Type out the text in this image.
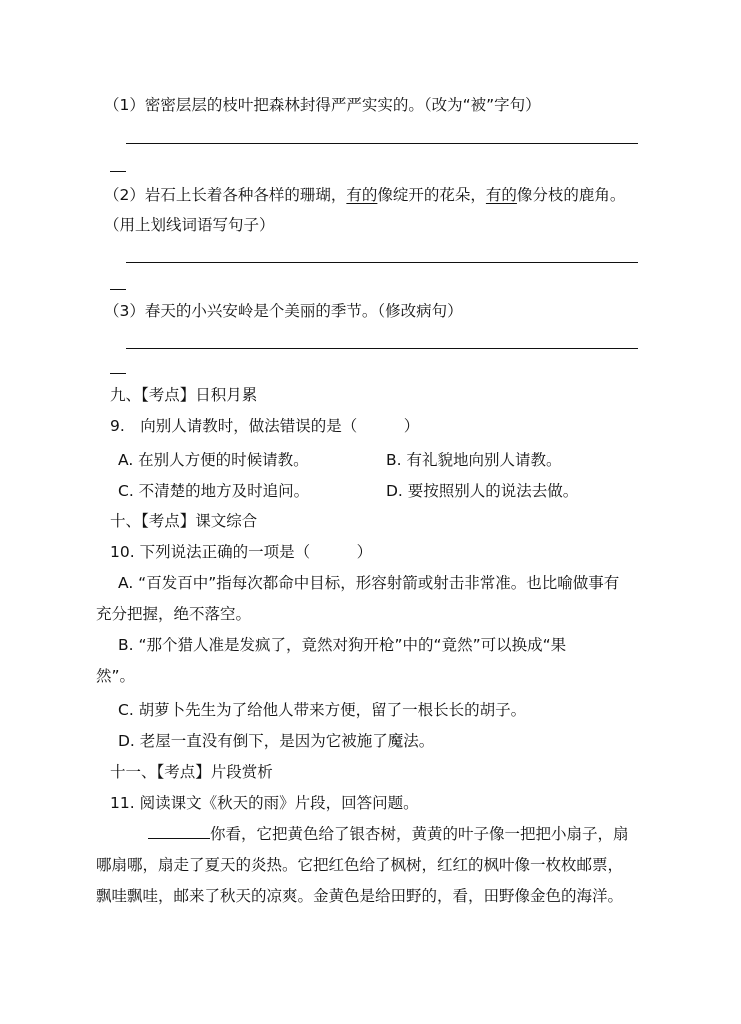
（1）密密层层的枝叶把森林封得严严实实的。（改为“被”字句）
（2）岩石上长着各种各样的珊瑚，有的像绽开的花朵，有的像分枝的鹿角。
（用上划线词语写句子）
（3）春天的小兴安岭是个美丽的季节。（修改病句）
九、【考点】日积月累
9.　向别人请教时，做法错误的是（　　　）
A. 在别人方便的时候请教。	B. 有礼貌地向别人请教。
C. 不清楚的地方及时追问。	D. 要按照别人的说法去做。
十、【考点】课文综合
10. 下列说法正确的一项是（　　　）
A. “百发百中”指每次都命中目标，形容射箭或射击非常准。也比喻做事有
充分把握，绝不落空。
B. “那个猎人准是发疯了，竟然对狗开枪”中的“竟然”可以换成“果
然”。
C. 胡萝卜先生为了给他人带来方便，留了一根长长的胡子。
D. 老屋一直没有倒下，是因为它被施了魔法。
十一、【考点】片段赏析
11. 阅读课文《秋天的雨》片段，回答问题。
你看，它把黄色给了银杏树，黄黄的叶子像一把把小扇子，扇
哪扇哪，扇走了夏天的炎热。它把红色给了枫树，红红的枫叶像一枚枚邮票，
飘哇飘哇，邮来了秋天的凉爽。金黄色是给田野的，看，田野像金色的海洋。
